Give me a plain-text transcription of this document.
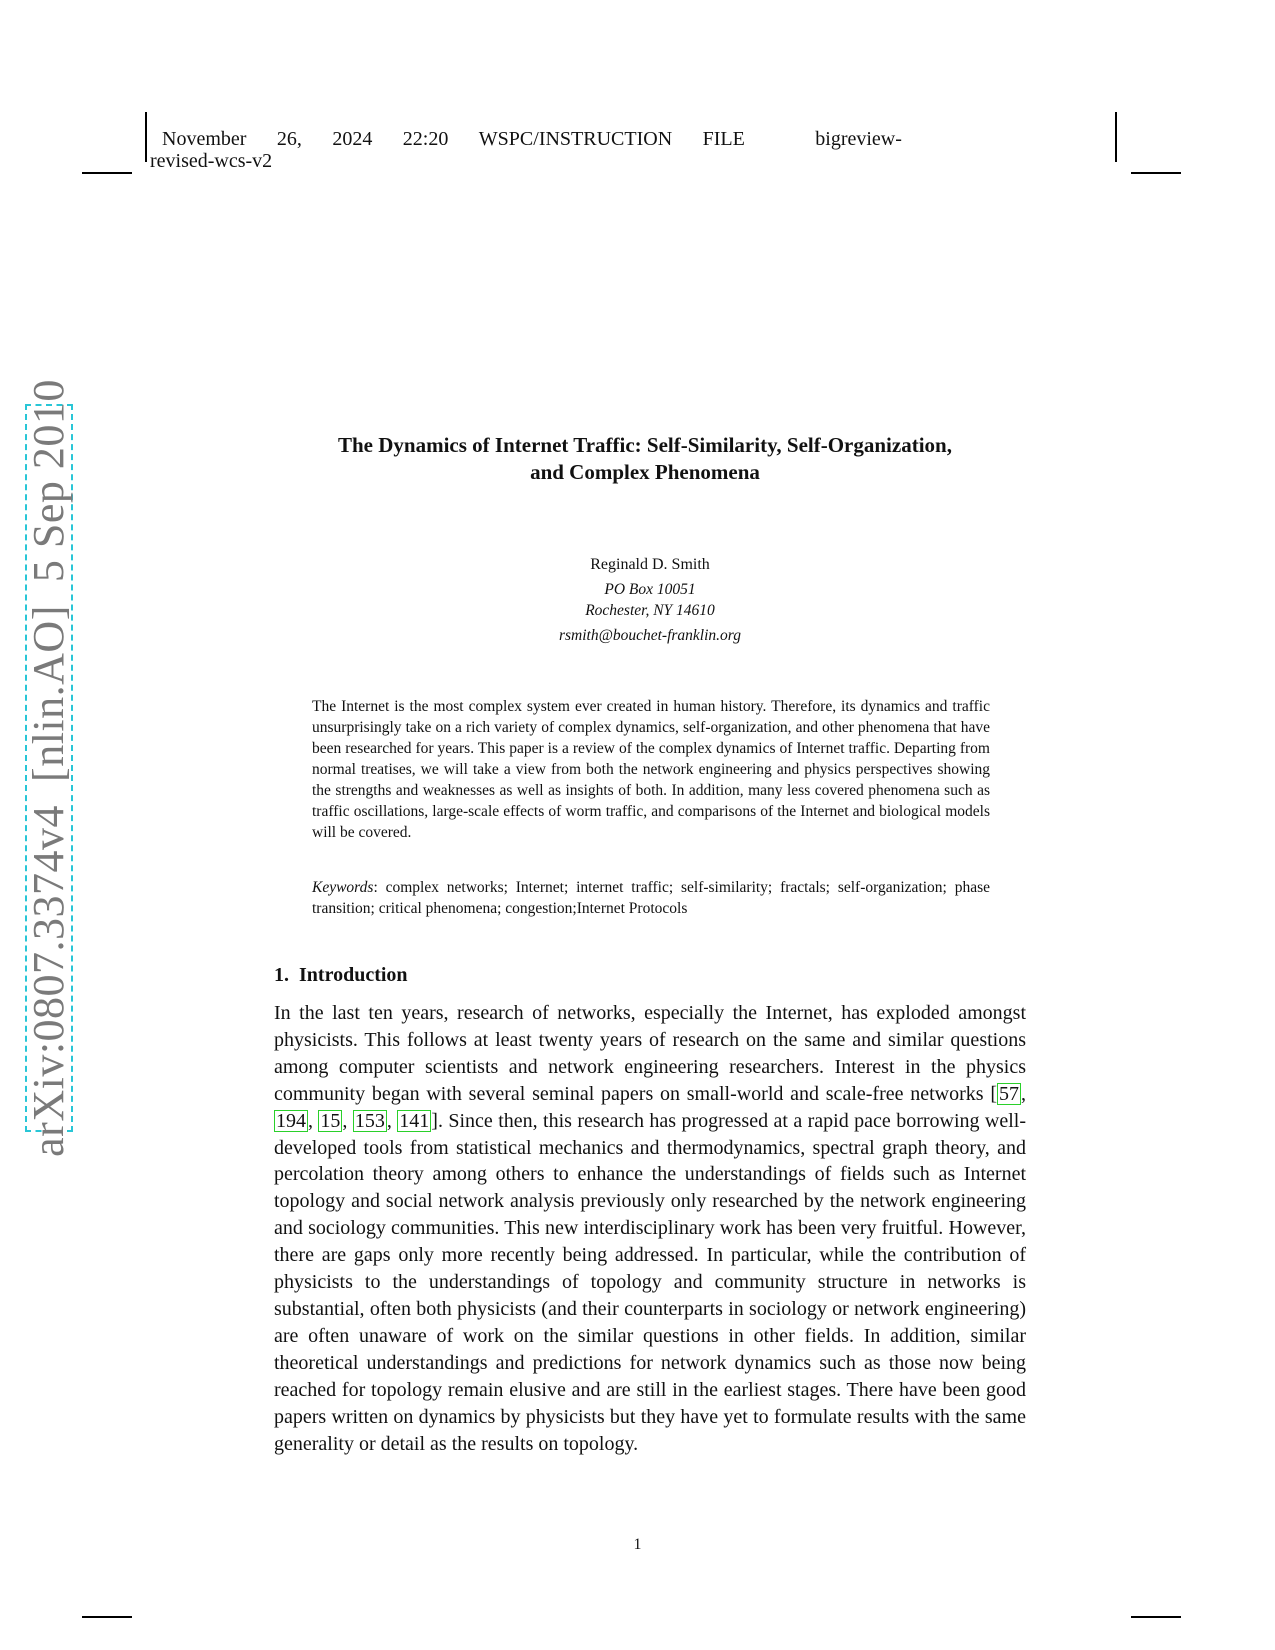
November 26, 2024 22:20 WSPC/INSTRUCTION FILE	bigreview-
revised-wcs-v2
arXiv:0807.3374v4  [nlin.AO]  5 Sep 2010	The Dynamics of Internet Traffic: Self-Similarity, Self-Organization,
and Complex Phenomena
Reginald D. Smith
PO Box 10051
Rochester, NY 14610
rsmith@bouchet-franklin.org
The Internet is the most complex system ever created in human history. Therefore, its dynamics and traffic unsurprisingly take on a rich variety of complex dynamics, self-organization, and other phenomena that have been researched for years. This paper is a review of the complex dynamics of Internet traffic. Departing from normal treatises, we will take a view from both the network engineering and physics perspectives showing the strengths and weaknesses as well as insights of both. In addition, many less covered phenomena such as traffic oscillations, large-scale effects of worm traffic, and comparisons of the Internet and biological models will be covered.
Keywords: complex networks; Internet; internet traffic; self-similarity; fractals; self-organization; phase transition; critical phenomena; congestion;Internet Protocols
1. Introduction
In the last ten years, research of networks, especially the Internet, has exploded amongst physicists. This follows at least twenty years of research on the same and similar questions among computer scientists and network engineering researchers. Interest in the physics community began with several seminal papers on small-world and scale-free networks [ 57 , 194 , 15 , 153 , 141 ]. Since then, this research has progressed at a rapid pace borrowing well-developed tools from statistical mechanics and thermodynamics, spectral graph theory, and percolation theory among others to enhance the understandings of fields such as Internet topology and social network analysis previously only researched by the network engineering and sociology communities. This new interdisciplinary work has been very fruitful. However, there are gaps only more recently being addressed. In particular, while the contribution of physicists to the understandings of topology and community structure in networks is substantial, often both physicists (and their counterparts in sociology or network engineering) are often unaware of work on the similar questions in other fields. In addition, similar theoretical understandings and predictions for network dynamics such as those now being reached for topology remain elusive and are still in the earliest stages. There have been good papers written on dynamics by physicists but they have yet to formulate results with the same generality or detail as the results on topology.
1
